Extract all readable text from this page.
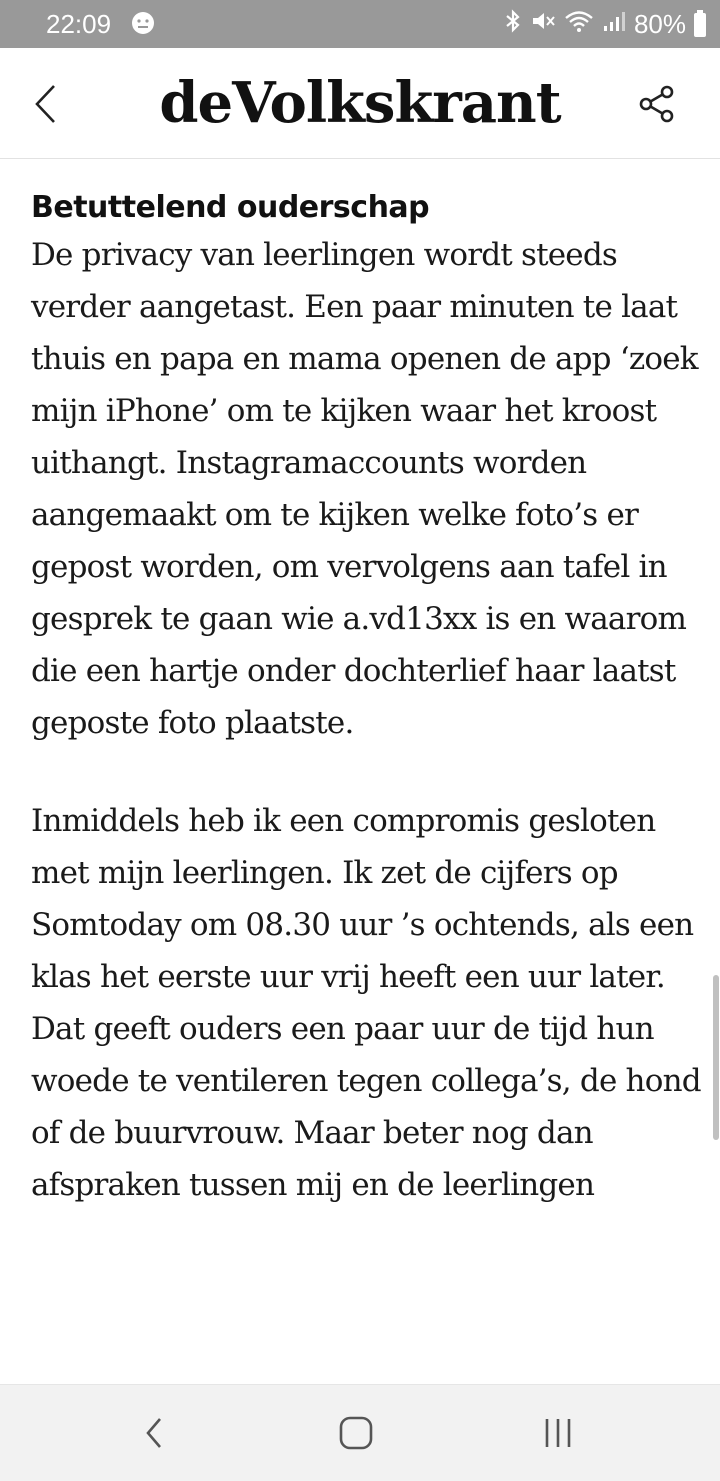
22:09	80%
deVolkskrant
Betuttelend ouderschap

De privacy van leerlingen wordt steeds verder aangetast. Een paar minuten te laat thuis en papa en mama openen de app ‘zoek mijn iPhone’ om te kijken waar het kroost uithangt. Instagramaccounts worden aangemaakt om te kijken welke foto’s er gepost worden, om vervolgens aan tafel in gesprek te gaan wie a.vd13xx is en waarom die een hartje onder dochterlief haar laatst geposte foto plaatste.

Inmiddels heb ik een compromis gesloten met mijn leerlingen. Ik zet de cijfers op Somtoday om 08.30 uur ’s ochtends, als een klas het eerste uur vrij heeft een uur later. Dat geeft ouders een paar uur de tijd hun woede te ventileren tegen collega’s, de hond of de buurvrouw. Maar beter nog dan afspraken tussen mij en de leerlingen
